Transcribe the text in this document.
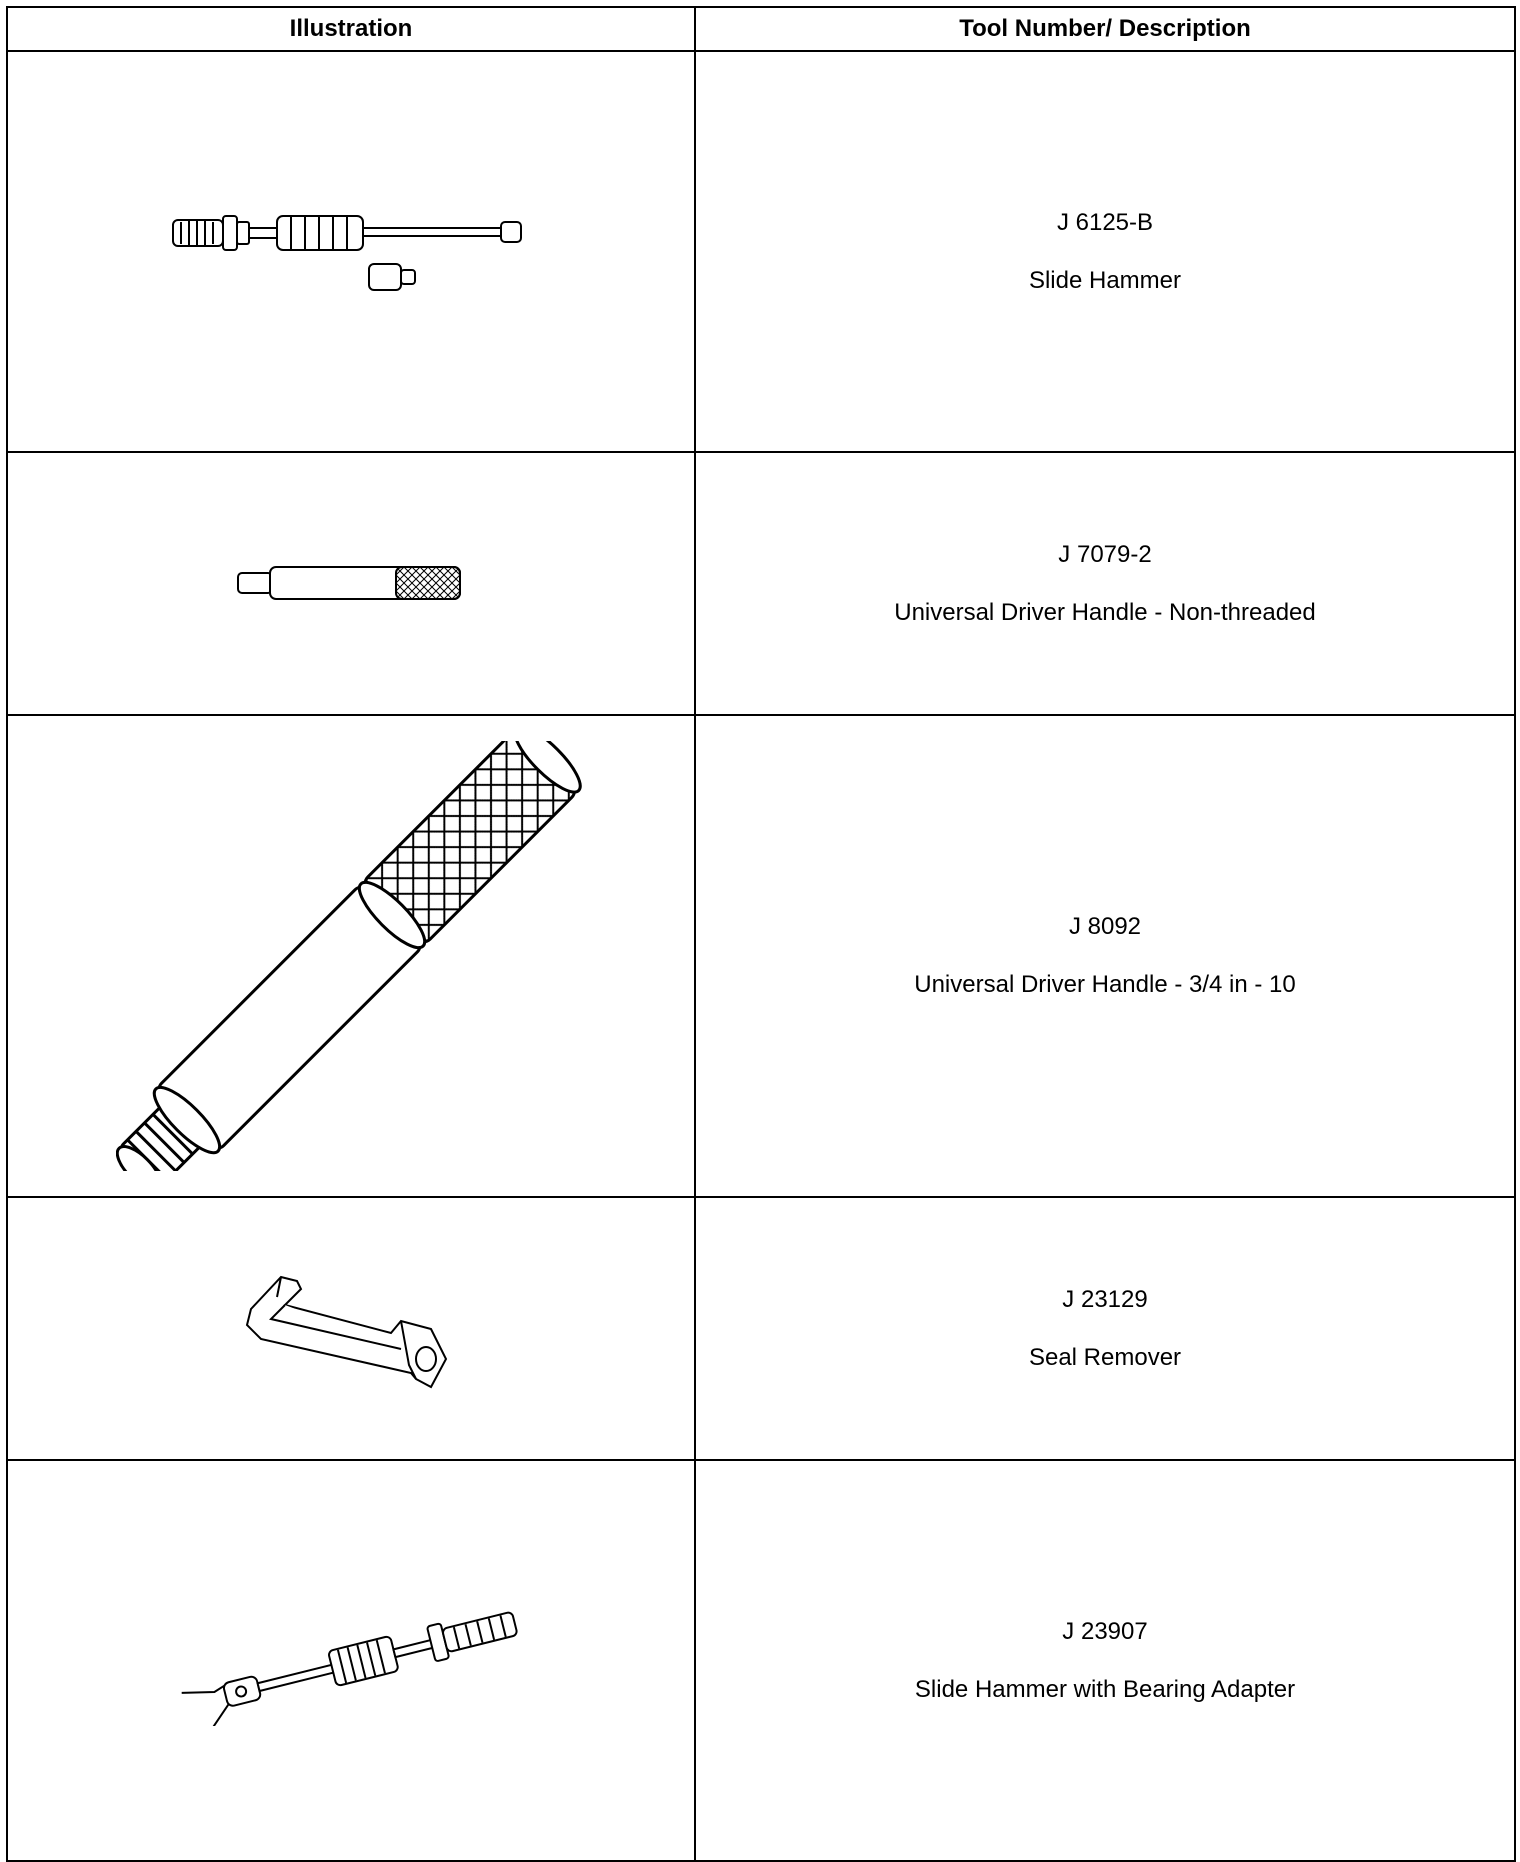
Illustration	Tool Number/ Description

J 6125-B
Slide Hammer

J 7079-2
Universal Driver Handle - Non-threaded

J 8092
Universal Driver Handle - 3/4 in - 10

J 23129
Seal Remover

J 23907
Slide Hammer with Bearing Adapter
